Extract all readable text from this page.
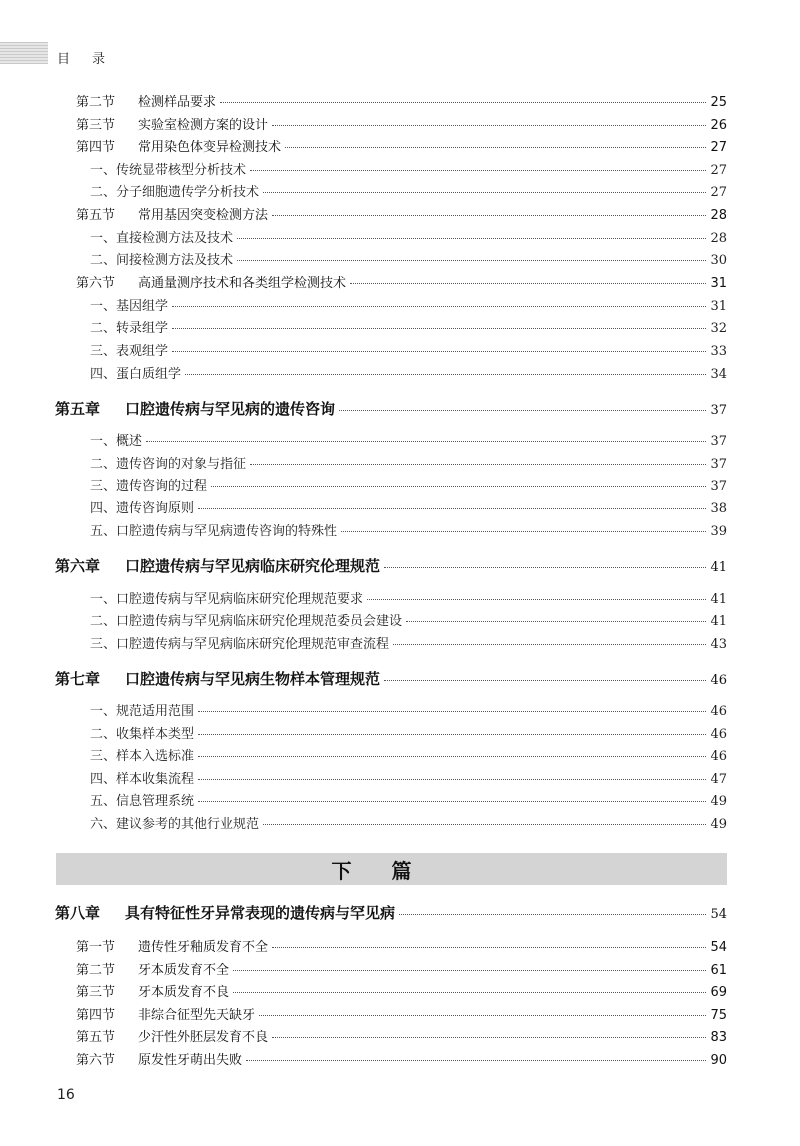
目录
第二节 检测样品要求	25
第三节 实验室检测方案的设计	26
第四节 常用染色体变异检测技术	27
一、传统显带核型分析技术	27
二、分子细胞遗传学分析技术	27
第五节 常用基因突变检测方法	28
一、直接检测方法及技术	28
二、间接检测方法及技术	30
第六节 高通量测序技术和各类组学检测技术	31
一、基因组学	31
二、转录组学	32
三、表观组学	33
四、蛋白质组学	34
第五章 口腔遗传病与罕见病的遗传咨询	37
一、概述	37
二、遗传咨询的对象与指征	37
三、遗传咨询的过程	37
四、遗传咨询原则	38
五、口腔遗传病与罕见病遗传咨询的特殊性	39
第六章 口腔遗传病与罕见病临床研究伦理规范	41
一、口腔遗传病与罕见病临床研究伦理规范要求	41
二、口腔遗传病与罕见病临床研究伦理规范委员会建设	41
三、口腔遗传病与罕见病临床研究伦理规范审查流程	43
第七章 口腔遗传病与罕见病生物样本管理规范	46
一、规范适用范围	46
二、收集样本类型	46
三、样本入选标准	46
四、样本收集流程	47
五、信息管理系统	49
六、建议参考的其他行业规范	49
第八章 具有特征性牙异常表现的遗传病与罕见病	54
第一节 遗传性牙釉质发育不全	54
第二节 牙本质发育不全	61
第三节 牙本质发育不良	69
第四节 非综合征型先天缺牙	75
第五节 少汗性外胚层发育不良	83
第六节 原发性牙萌出失败	90
下篇
16
